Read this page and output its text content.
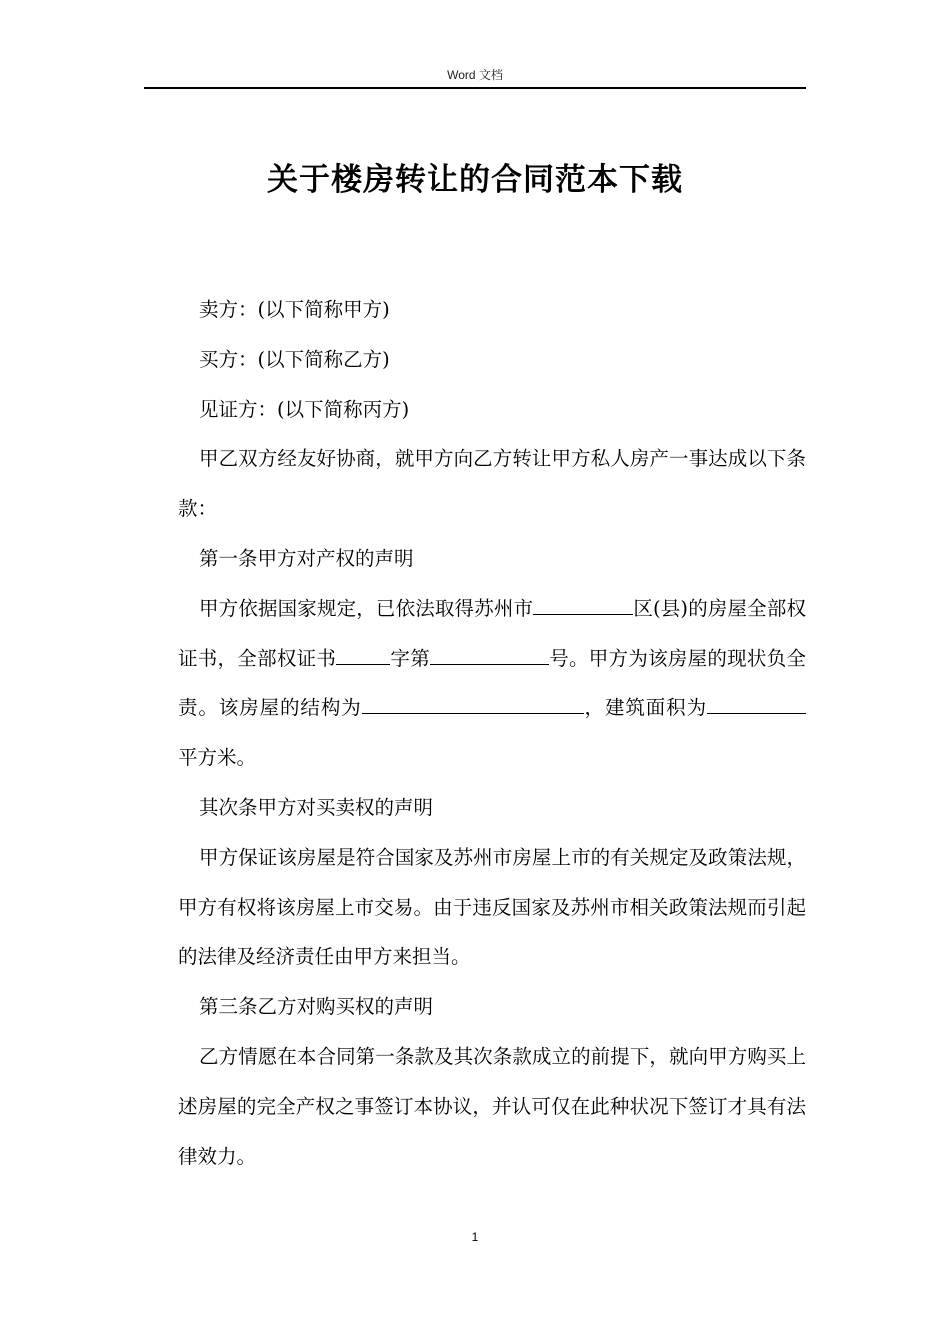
Word 文档
关于楼房转让的合同范本下载

卖方：(以下简称甲方)

买方：(以下简称乙方)

见证方：(以下简称丙方)

甲乙双方经友好协商，就甲方向乙方转让甲方私人房产一事达成以下条款：

第一条甲方对产权的声明

甲方依据国家规定，已依法取得苏州市	区(县)的房屋全部权证书，全部权证书	字第	号。甲方为该房屋的现状负全责。该房屋的结构为	，建筑面积为平方米。

其次条甲方对买卖权的声明

甲方保证该房屋是符合国家及苏州市房屋上市的有关规定及政策法规，甲方有权将该房屋上市交易。由于违反国家及苏州市相关政策法规而引起的法律及经济责任由甲方来担当。

第三条乙方对购买权的声明

乙方情愿在本合同第一条款及其次条款成立的前提下，就向甲方购买上述房屋的完全产权之事签订本协议，并认可仅在此种状况下签订才具有法律效力。

1
